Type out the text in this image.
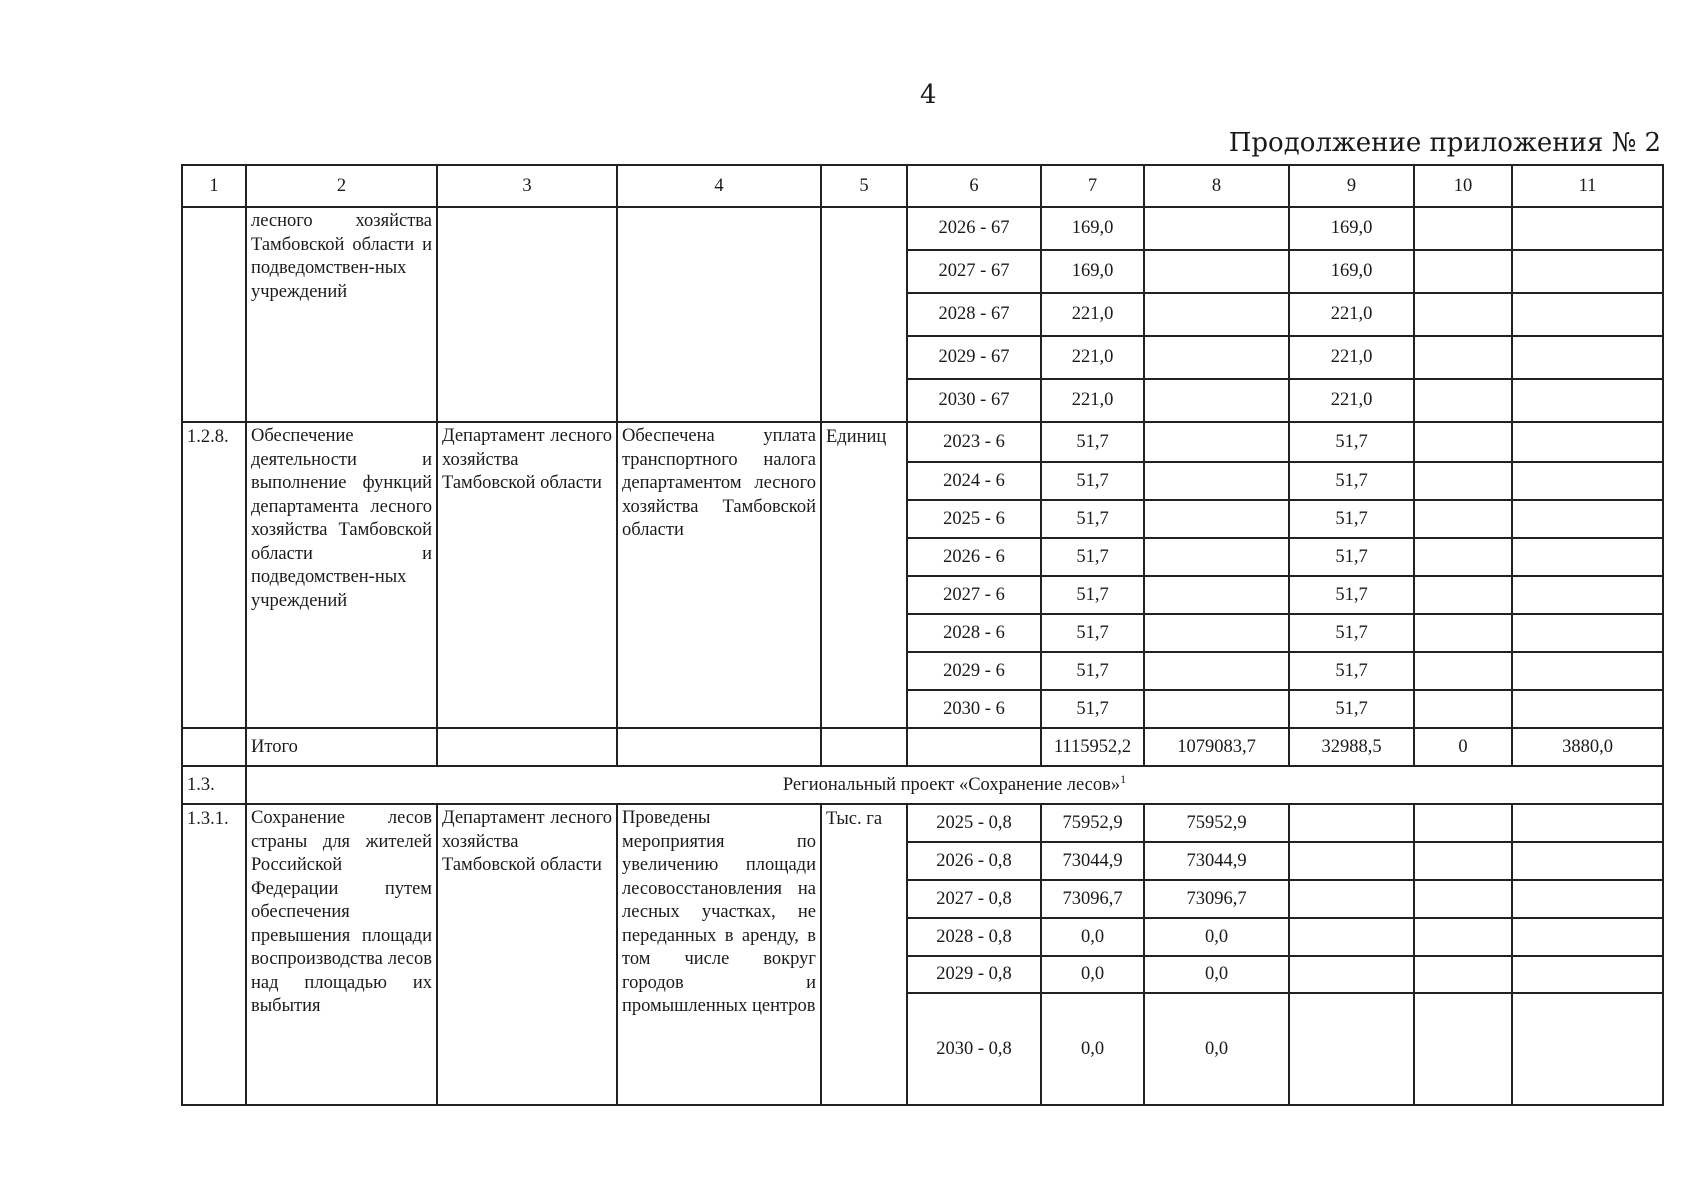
4
Продолжение приложения № 2
1	2	3	4	5	6	7	8	9	10	11
	лесного хозяйства Тамбовской области и подведомствен-ных учреждений				2026 - 67	169,0		169,0		
					2027 - 67	169,0		169,0		
					2028 - 67	221,0		221,0		
					2029 - 67	221,0		221,0		
					2030 - 67	221,0		221,0		
1.2.8.	Обеспечение деятельности и выполнение функций департамента лесного хозяйства Тамбовской области и подведомствен-ных учреждений	Департамент лесного хозяйства Тамбовской области	Обеспечена уплата транспортного налога департаментом лесного хозяйства Тамбовской области	Единиц	2023 - 6	51,7		51,7		
					2024 - 6	51,7		51,7		
					2025 - 6	51,7		51,7		
					2026 - 6	51,7		51,7		
					2027 - 6	51,7		51,7		
					2028 - 6	51,7		51,7		
					2029 - 6	51,7		51,7		
					2030 - 6	51,7		51,7		
	Итого					1115952,2	1079083,7	32988,5	0	3880,0
1.3.	Региональный проект «Сохранение лесов»$^1$
1.3.1.	Сохранение лесов страны для жителей Российской Федерации путем обеспечения превышения площади воспроизводства лесов над площадью их выбытия	Департамент лесного хозяйства Тамбовской области	Проведены мероприятия по увеличению площади лесовосстановления на лесных участках, не переданных в аренду, в том числе вокруг городов и промышленных центров	Тыс. га	2025 - 0,8	75952,9	75952,9			
					2026 - 0,8	73044,9	73044,9			
					2027 - 0,8	73096,7	73096,7			
					2028 - 0,8	0,0	0,0			
					2029 - 0,8	0,0	0,0			
					2030 - 0,8	0,0	0,0			
